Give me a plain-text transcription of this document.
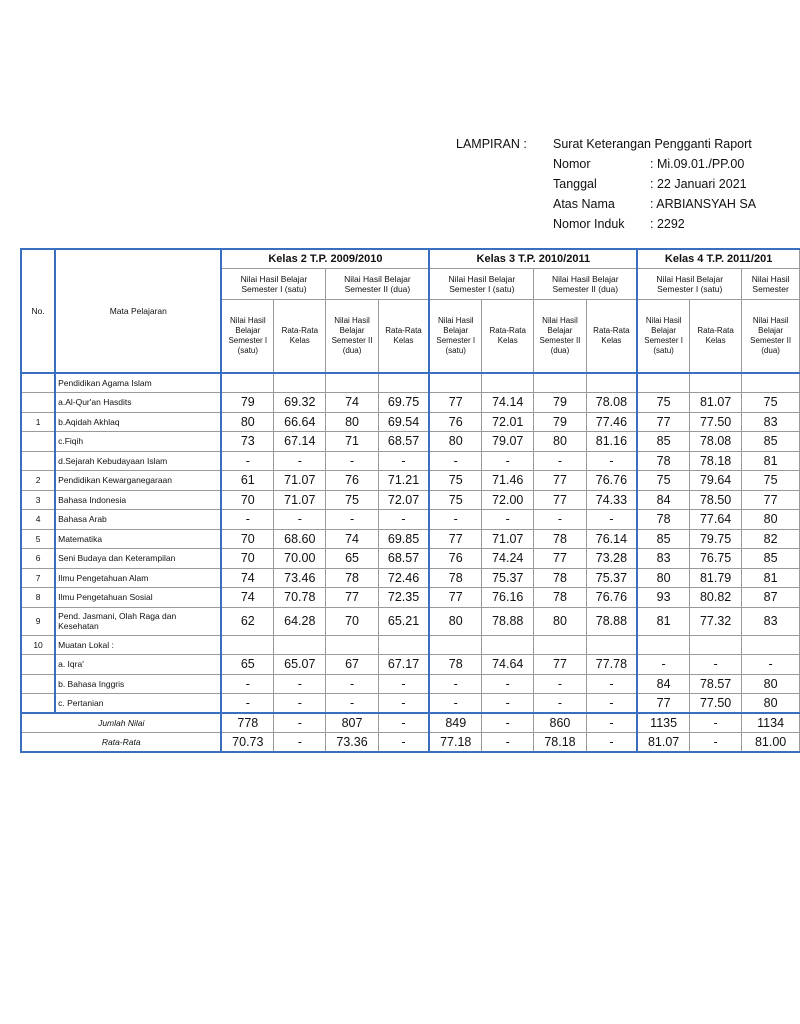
LAMPIRAN :	Surat Keterangan Pengganti Raport
Nomor	: Mi.09.01./PP.00
Tanggal	: 22 Januari 2021
Atas Nama	: ARBIANSYAH SA
Nomor Induk	: 2292
No.	Mata Pelajaran	Kelas 2 T.P. 2009/2010				Kelas 3 T.P. 2010/2011				Kelas 4 T.P. 2011/201		
		Nilai Hasil Belajar Semester I (satu)		Nilai Hasil Belajar Semester II (dua)		Nilai Hasil Belajar Semester I (satu)		Nilai Hasil Belajar Semester II (dua)		Nilai Hasil Belajar Semester I (satu)		Nilai Hasil Semester
		Nilai Hasil Belajar Semester I (satu)	Rata-Rata Kelas	Nilai Hasil Belajar Semester II (dua)	Rata-Rata Kelas	Nilai Hasil Belajar Semester I (satu)	Rata-Rata Kelas	Nilai Hasil Belajar Semester II (dua)	Rata-Rata Kelas	Nilai Hasil Belajar Semester I (satu)	Rata-Rata Kelas	Nilai Hasil Belajar Semester II (dua)
	Pendidikan Agama Islam											
	a.Al-Qur'an Hasdits	79	69.32	74	69.75	77	74.14	79	78.08	75	81.07	75
1	b.Aqidah Akhlaq	80	66.64	80	69.54	76	72.01	79	77.46	77	77.50	83
	c.Fiqih	73	67.14	71	68.57	80	79.07	80	81.16	85	78.08	85
	d.Sejarah Kebudayaan Islam	-	-	-	-	-	-	-	-	78	78.18	81
2	Pendidikan Kewarganegaraan	61	71.07	76	71.21	75	71.46	77	76.76	75	79.64	75
3	Bahasa Indonesia	70	71.07	75	72.07	75	72.00	77	74.33	84	78.50	77
4	Bahasa Arab	-	-	-	-	-	-	-	-	78	77.64	80
5	Matematika	70	68.60	74	69.85	77	71.07	78	76.14	85	79.75	82
6	Seni Budaya dan Keterampilan	70	70.00	65	68.57	76	74.24	77	73.28	83	76.75	85
7	Ilmu Pengetahuan Alam	74	73.46	78	72.46	78	75.37	78	75.37	80	81.79	81
8	Ilmu Pengetahuan Sosial	74	70.78	77	72.35	77	76.16	78	76.76	93	80.82	87
9	Pend. Jasmani, Olah Raga dan Kesehatan	62	64.28	70	65.21	80	78.88	80	78.88	81	77.32	83
10	Muatan Lokal :											
	a. Iqra'	65	65.07	67	67.17	78	74.64	77	77.78	-	-	-
	b. Bahasa Inggris	-	-	-	-	-	-	-	-	84	78.57	80
	c. Pertanian	-	-	-	-	-	-	-	-	77	77.50	80
Jumlah Nilai		778	-	807	-	849	-	860	-	1135	-	1134
Rata-Rata		70.73	-	73.36	-	77.18	-	78.18	-	81.07	-	81.00
